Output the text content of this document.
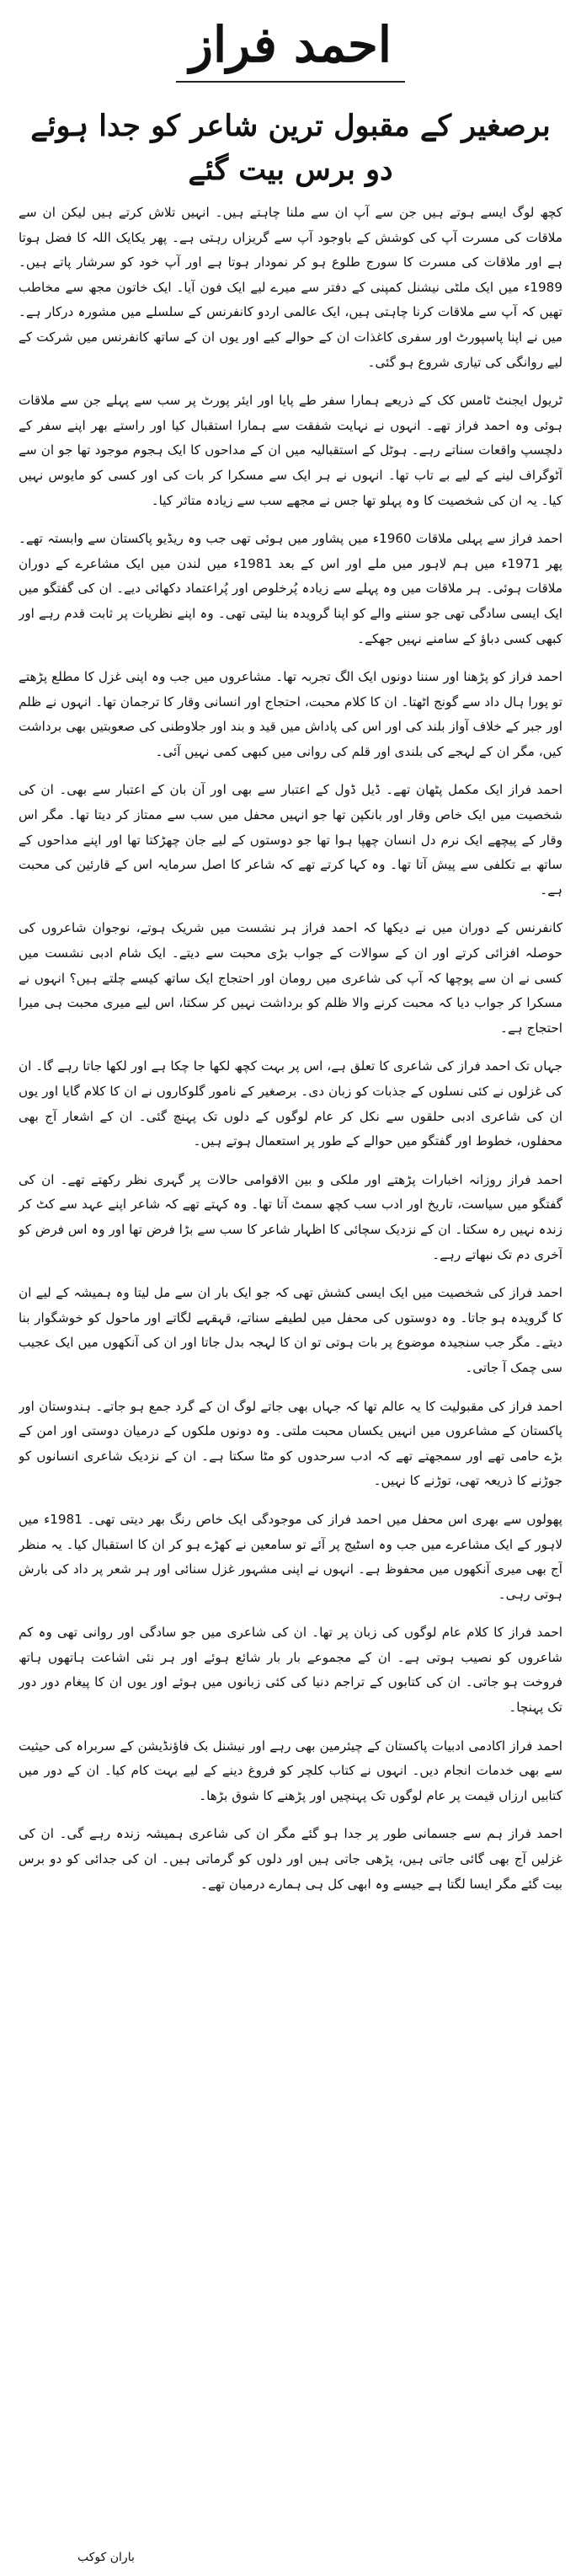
احمد فراز
برصغیر کے مقبول ترین شاعر کو جدا ہوئے دو برس بیت گئے

کچھ لوگ ایسے ہوتے ہیں جن سے آپ ان سے ملنا چاہتے ہیں۔ انہیں تلاش کرتے ہیں لیکن ان سے ملاقات کی مسرت آپ کی کوشش کے باوجود آپ سے گریزاں رہتی ہے۔ پھر یکایک اللہ کا فضل ہوتا ہے اور ملاقات کی مسرت کا سورج طلوع ہو کر نمودار ہوتا ہے اور آپ خود کو سرشار پاتے ہیں۔ 1989ء میں ایک ملٹی نیشنل کمپنی کے دفتر سے میرے لیے ایک فون آیا۔ ایک خاتون مجھ سے مخاطب تھیں کہ آپ سے ملاقات کرنا چاہتی ہیں، ایک عالمی اردو کانفرنس کے سلسلے میں مشورہ درکار ہے۔ میں نے اپنا پاسپورٹ اور سفری کاغذات ان کے حوالے کیے اور یوں ان کے ساتھ کانفرنس میں شرکت کے لیے روانگی کی تیاری شروع ہو گئی۔

ٹریول ایجنٹ ٹامس کک کے ذریعے ہمارا سفر طے پایا اور ایئر پورٹ پر سب سے پہلے جن سے ملاقات ہوئی وہ احمد فراز تھے۔ انہوں نے نہایت شفقت سے ہمارا استقبال کیا اور راستے بھر اپنے سفر کے دلچسپ واقعات سناتے رہے۔ ہوٹل کے استقبالیہ میں ان کے مداحوں کا ایک ہجوم موجود تھا جو ان سے آٹوگراف لینے کے لیے بے تاب تھا۔ انہوں نے ہر ایک سے مسکرا کر بات کی اور کسی کو مایوس نہیں کیا۔ یہ ان کی شخصیت کا وہ پہلو تھا جس نے مجھے سب سے زیادہ متاثر کیا۔

احمد فراز سے پہلی ملاقات 1960ء میں پشاور میں ہوئی تھی جب وہ ریڈیو پاکستان سے وابستہ تھے۔ پھر 1971ء میں ہم لاہور میں ملے اور اس کے بعد 1981ء میں لندن میں ایک مشاعرے کے دوران ملاقات ہوئی۔ ہر ملاقات میں وہ پہلے سے زیادہ پُرخلوص اور پُراعتماد دکھائی دیے۔ ان کی گفتگو میں ایک ایسی سادگی تھی جو سننے والے کو اپنا گرویدہ بنا لیتی تھی۔ وہ اپنے نظریات پر ثابت قدم رہے اور کبھی کسی دباؤ کے سامنے نہیں جھکے۔

احمد فراز کو پڑھنا اور سننا دونوں ایک الگ تجربہ تھا۔ مشاعروں میں جب وہ اپنی غزل کا مطلع پڑھتے تو پورا ہال داد سے گونج اٹھتا۔ ان کا کلام محبت، احتجاج اور انسانی وقار کا ترجمان تھا۔ انہوں نے ظلم اور جبر کے خلاف آواز بلند کی اور اس کی پاداش میں قید و بند اور جلاوطنی کی صعوبتیں بھی برداشت کیں، مگر ان کے لہجے کی بلندی اور قلم کی روانی میں کبھی کمی نہیں آئی۔

احمد فراز ایک مکمل پٹھان تھے۔ ڈیل ڈول کے اعتبار سے بھی اور آن بان کے اعتبار سے بھی۔ ان کی شخصیت میں ایک خاص وقار اور بانکپن تھا جو انہیں محفل میں سب سے ممتاز کر دیتا تھا۔ مگر اس وقار کے پیچھے ایک نرم دل انسان چھپا ہوا تھا جو دوستوں کے لیے جان چھڑکتا تھا اور اپنے مداحوں کے ساتھ بے تکلفی سے پیش آتا تھا۔ وہ کہا کرتے تھے کہ شاعر کا اصل سرمایہ اس کے قارئین کی محبت ہے۔

کانفرنس کے دوران میں نے دیکھا کہ احمد فراز ہر نشست میں شریک ہوتے، نوجوان شاعروں کی حوصلہ افزائی کرتے اور ان کے سوالات کے جواب بڑی محبت سے دیتے۔ ایک شام ادبی نشست میں کسی نے ان سے پوچھا کہ آپ کی شاعری میں رومان اور احتجاج ایک ساتھ کیسے چلتے ہیں؟ انہوں نے مسکرا کر جواب دیا کہ محبت کرنے والا ظلم کو برداشت نہیں کر سکتا، اس لیے میری محبت ہی میرا احتجاج ہے۔

جہاں تک احمد فراز کی شاعری کا تعلق ہے، اس پر بہت کچھ لکھا جا چکا ہے اور لکھا جاتا رہے گا۔ ان کی غزلوں نے کئی نسلوں کے جذبات کو زبان دی۔ برصغیر کے نامور گلوکاروں نے ان کا کلام گایا اور یوں ان کی شاعری ادبی حلقوں سے نکل کر عام لوگوں کے دلوں تک پہنچ گئی۔ ان کے اشعار آج بھی محفلوں، خطوط اور گفتگو میں حوالے کے طور پر استعمال ہوتے ہیں۔

احمد فراز روزانہ اخبارات پڑھتے اور ملکی و بین الاقوامی حالات پر گہری نظر رکھتے تھے۔ ان کی گفتگو میں سیاست، تاریخ اور ادب سب کچھ سمٹ آتا تھا۔ وہ کہتے تھے کہ شاعر اپنے عہد سے کٹ کر زندہ نہیں رہ سکتا۔ ان کے نزدیک سچائی کا اظہار شاعر کا سب سے بڑا فرض تھا اور وہ اس فرض کو آخری دم تک نبھاتے رہے۔

احمد فراز کی شخصیت میں ایک ایسی کشش تھی کہ جو ایک بار ان سے مل لیتا وہ ہمیشہ کے لیے ان کا گرویدہ ہو جاتا۔ وہ دوستوں کی محفل میں لطیفے سناتے، قہقہے لگاتے اور ماحول کو خوشگوار بنا دیتے۔ مگر جب سنجیدہ موضوع پر بات ہوتی تو ان کا لہجہ بدل جاتا اور ان کی آنکھوں میں ایک عجیب سی چمک آ جاتی۔

احمد فراز کی مقبولیت کا یہ عالم تھا کہ جہاں بھی جاتے لوگ ان کے گرد جمع ہو جاتے۔ ہندوستان اور پاکستان کے مشاعروں میں انہیں یکساں محبت ملتی۔ وہ دونوں ملکوں کے درمیان دوستی اور امن کے بڑے حامی تھے اور سمجھتے تھے کہ ادب سرحدوں کو مٹا سکتا ہے۔ ان کے نزدیک شاعری انسانوں کو جوڑنے کا ذریعہ تھی، توڑنے کا نہیں۔

پھولوں سے بھری اس محفل میں احمد فراز کی موجودگی ایک خاص رنگ بھر دیتی تھی۔ 1981ء میں لاہور کے ایک مشاعرے میں جب وہ اسٹیج پر آئے تو سامعین نے کھڑے ہو کر ان کا استقبال کیا۔ یہ منظر آج بھی میری آنکھوں میں محفوظ ہے۔ انہوں نے اپنی مشہور غزل سنائی اور ہر شعر پر داد کی بارش ہوتی رہی۔

احمد فراز کا کلام عام لوگوں کی زبان پر تھا۔ ان کی شاعری میں جو سادگی اور روانی تھی وہ کم شاعروں کو نصیب ہوتی ہے۔ ان کے مجموعے بار بار شائع ہوئے اور ہر نئی اشاعت ہاتھوں ہاتھ فروخت ہو جاتی۔ ان کی کتابوں کے تراجم دنیا کی کئی زبانوں میں ہوئے اور یوں ان کا پیغام دور دور تک پہنچا۔

احمد فراز اکادمی ادبیات پاکستان کے چیئرمین بھی رہے اور نیشنل بک فاؤنڈیشن کے سربراہ کی حیثیت سے بھی خدمات انجام دیں۔ انہوں نے کتاب کلچر کو فروغ دینے کے لیے بہت کام کیا۔ ان کے دور میں کتابیں ارزاں قیمت پر عام لوگوں تک پہنچیں اور پڑھنے کا شوق بڑھا۔

احمد فراز ہم سے جسمانی طور پر جدا ہو گئے مگر ان کی شاعری ہمیشہ زندہ رہے گی۔ ان کی غزلیں آج بھی گائی جاتی ہیں، پڑھی جاتی ہیں اور دلوں کو گرماتی ہیں۔ ان کی جدائی کو دو برس بیت گئے مگر ایسا لگتا ہے جیسے وہ ابھی کل ہی ہمارے درمیان تھے۔

باران کوکب
